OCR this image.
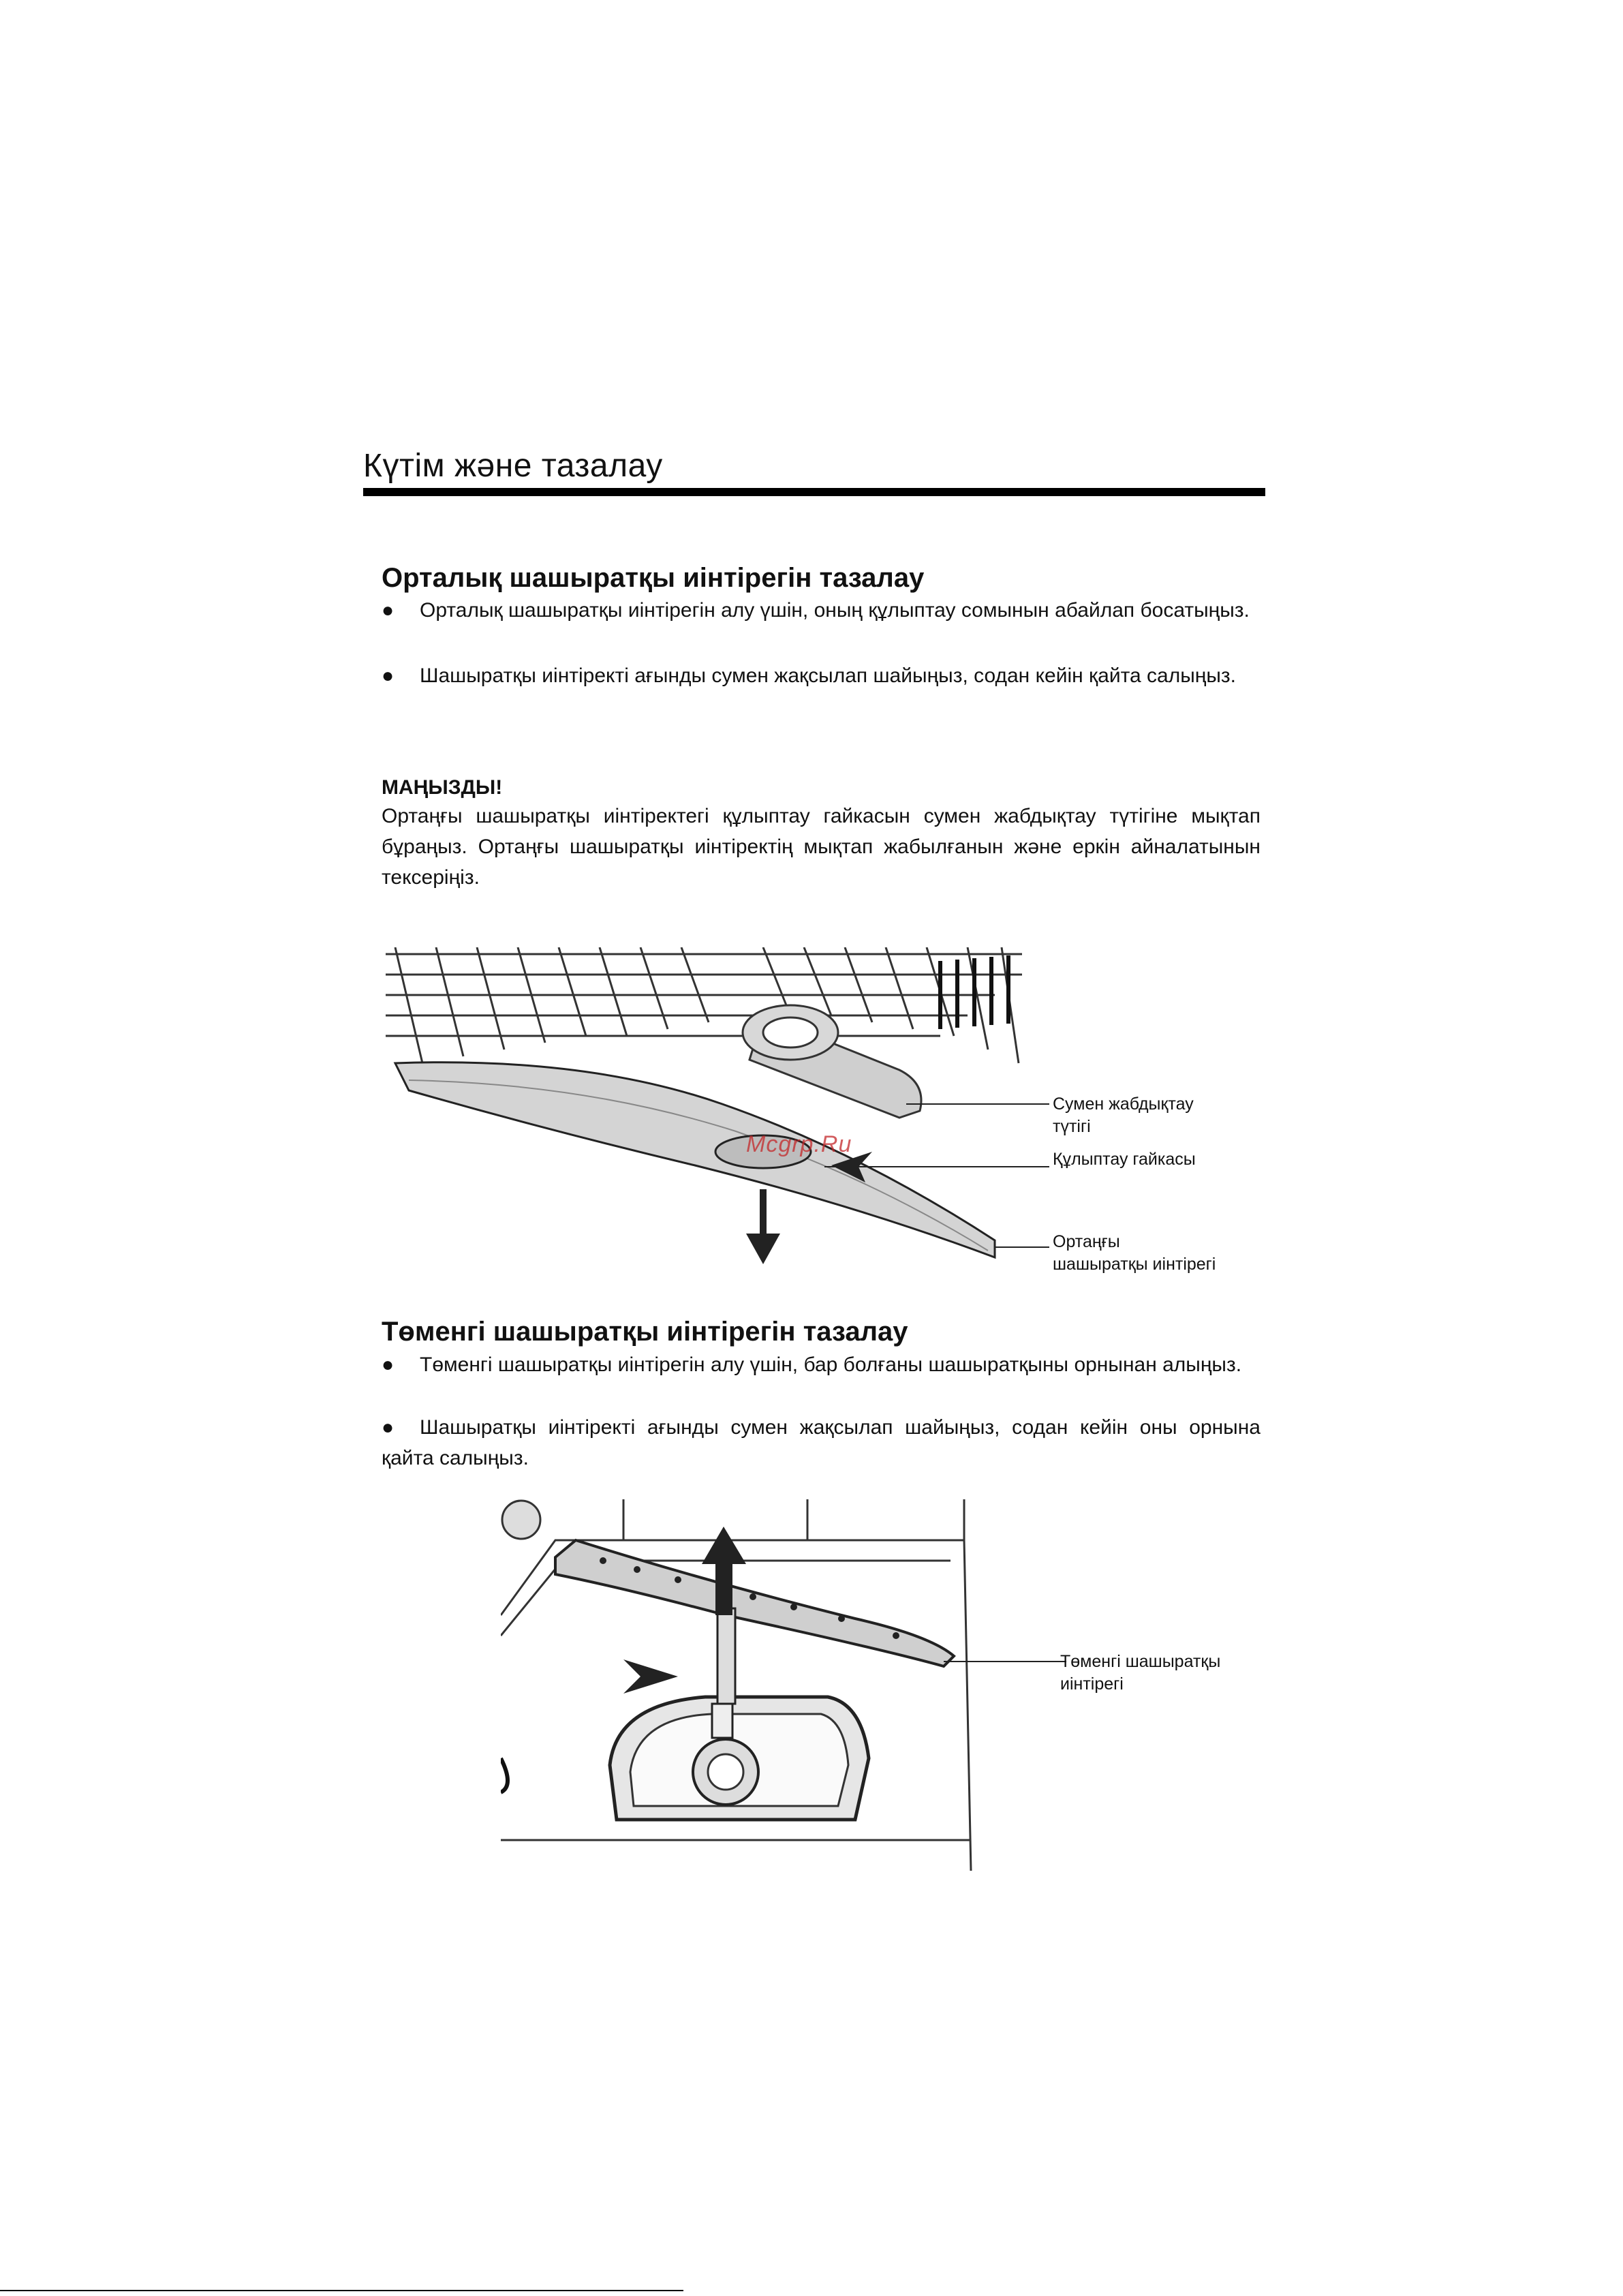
Күтім және тазалау
Орталық шашыратқы иінтірегін тазалау
● Орталық шашыратқы иінтірегін алу үшін, оның құлыптау сомынын абайлап босатыңыз.
● Шашыратқы иінтіректі ағынды сумен жақсылап шайыңыз, содан кейін қайта салыңыз.
МАҢЫЗДЫ!
Ортаңғы шашыратқы иінтіректегі құлыптау гайкасын сумен жабдықтау түтігіне мықтап бұраңыз. Ортаңғы шашыратқы иінтіректің мықтап жабылғанын және еркін айналатынын тексеріңіз.
Mcgrp.Ru
Сумен жабдықтау
түтігі
Құлыптау гайкасы
Ортаңғы
шашыратқы иінтірегі
Төменгі шашыратқы иінтірегін тазалау
● Төменгі шашыратқы иінтірегін алу үшін, бар болғаны шашыратқыны орнынан алыңыз.
● Шашыратқы иінтіректі ағынды сумен жақсылап шайыңыз, содан кейін оны орнына қайта салыңыз.
Төменгі шашыратқы
иінтірегі
